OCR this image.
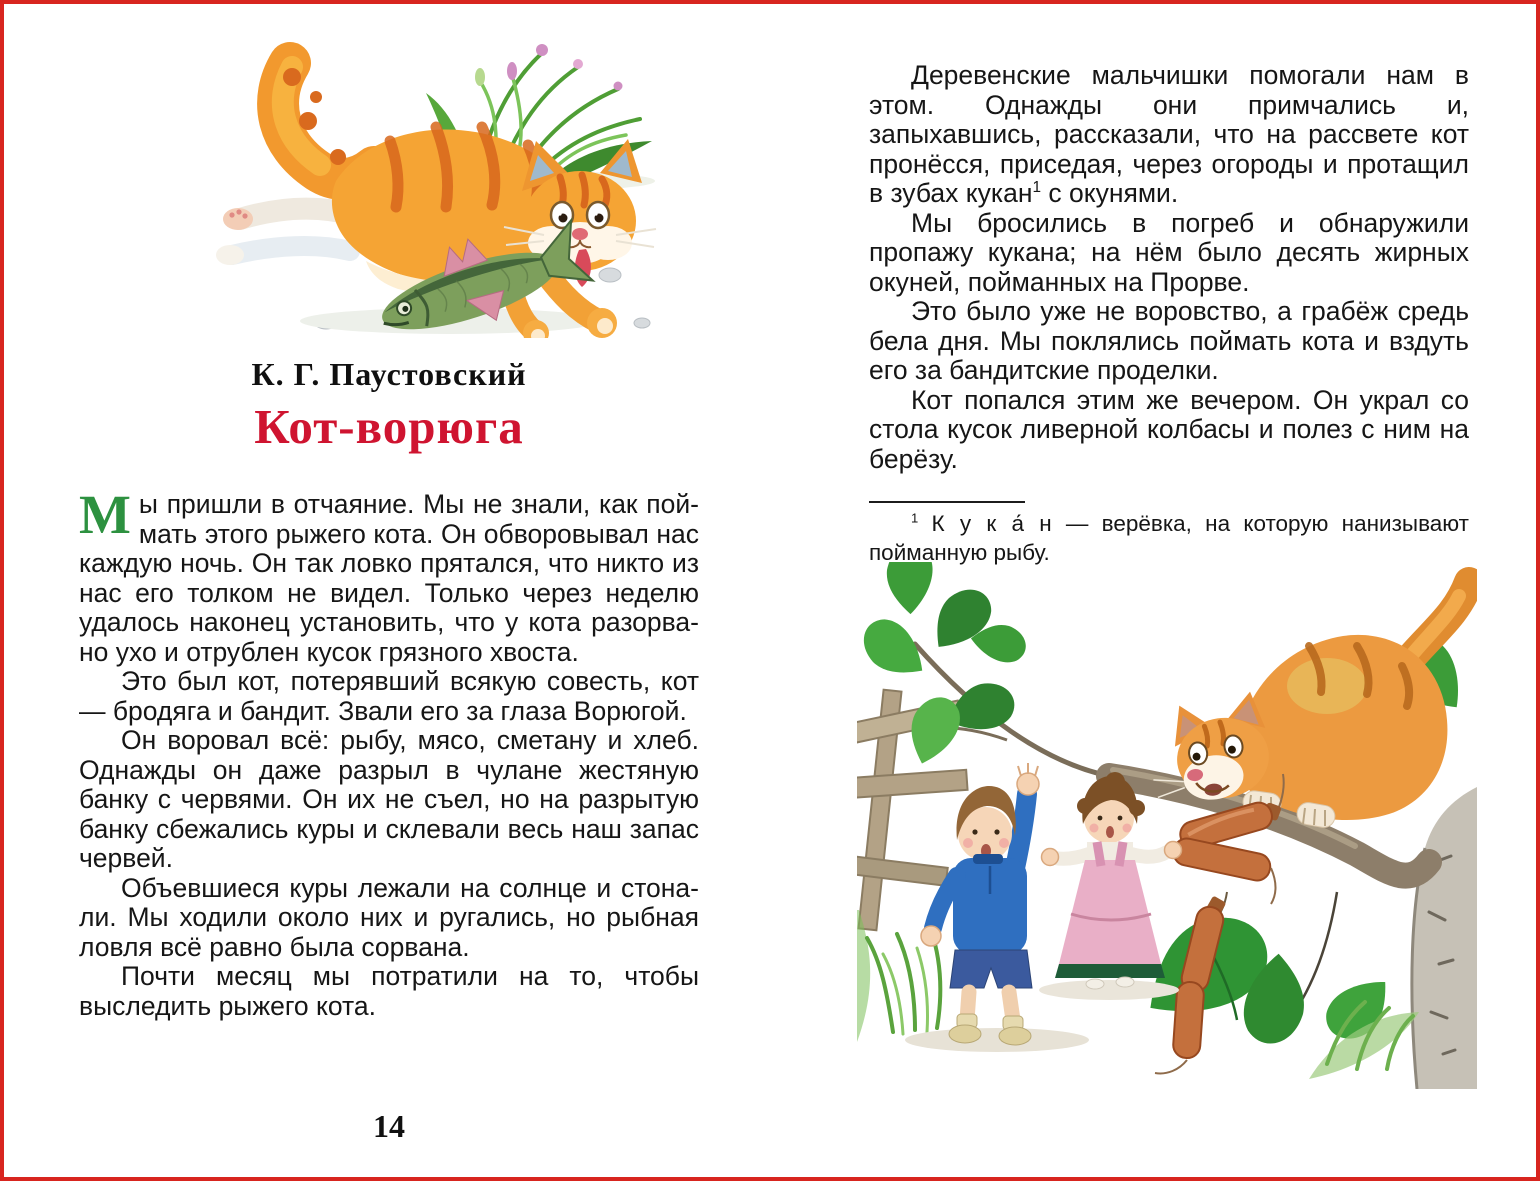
К. Г. Паустовский
Кот-ворюга

Мы пришли в отчаяние. Мы не знали, как поймать этого рыжего кота. Он обворовывал нас каждую ночь. Он так ловко прятался, что никто из нас его толком не видел. Только через неделю удалось наконец установить, что у кота разорвано ухо и отрублен кусок грязного хвоста.

Это был кот, потерявший всякую совесть, кот — бродяга и бандит. Звали его за глаза Ворюгой.

Он воровал всё: рыбу, мясо, сметану и хлеб. Однажды он даже разрыл в чулане жестяную банку с червями. Он их не съел, но на разрытую банку сбежались куры и склевали весь наш запас червей.

Объевшиеся куры лежали на солнце и стонали. Мы ходили около них и ругались, но рыбная ловля всё равно была сорвана.

Почти месяц мы потратили на то, чтобы выследить рыжего кота.

14

Деревенские мальчишки помогали нам в этом. Однажды они примчались и, запыхавшись, рассказали, что на рассвете кот пронёсся, приседая, через огороды и протащил в зубах кукан$^1$ с окунями.

Мы бросились в погреб и обнаружили пропажу кукана; на нём было десять жирных окуней, пойманных на Прорве.

Это было уже не воровство, а грабёж средь бела дня. Мы поклялись поймать кота и вздуть его за бандитские проделки.

Кот попался этим же вечером. Он украл со стола кусок ливерной колбасы и полез с ним на берёзу.

$^1$ К у к а́ н — верёвка, на которую нанизывают пойманную рыбу.
